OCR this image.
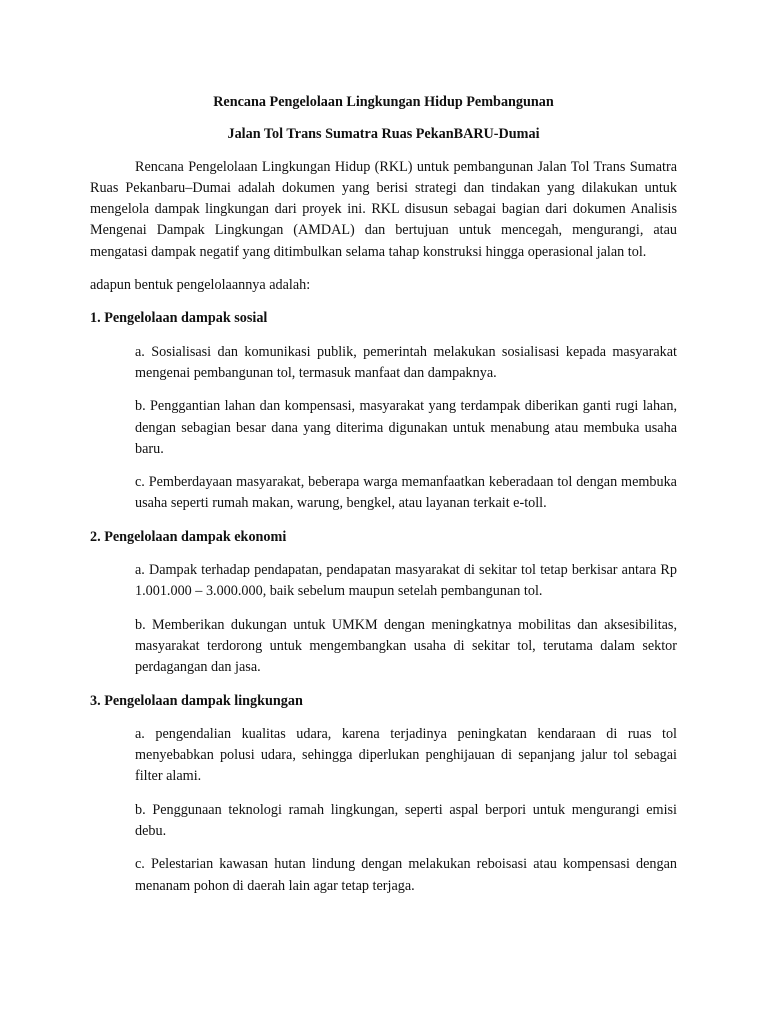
Rencana Pengelolaan Lingkungan Hidup Pembangunan

Jalan Tol Trans Sumatra Ruas PekanBARU-Dumai

Rencana Pengelolaan Lingkungan Hidup (RKL) untuk pembangunan Jalan Tol Trans Sumatra Ruas Pekanbaru–Dumai adalah dokumen yang berisi strategi dan tindakan yang dilakukan untuk mengelola dampak lingkungan dari proyek ini. RKL disusun sebagai bagian dari dokumen Analisis Mengenai Dampak Lingkungan (AMDAL) dan bertujuan untuk mencegah, mengurangi, atau mengatasi dampak negatif yang ditimbulkan selama tahap konstruksi hingga operasional jalan tol.

adapun bentuk pengelolaannya adalah:

1. Pengelolaan dampak sosial

a. Sosialisasi dan komunikasi publik, pemerintah melakukan sosialisasi kepada masyarakat mengenai pembangunan tol, termasuk manfaat dan dampaknya.

b. Penggantian lahan dan kompensasi, masyarakat yang terdampak diberikan ganti rugi lahan, dengan sebagian besar dana yang diterima digunakan untuk menabung atau membuka usaha baru.

c. Pemberdayaan masyarakat, beberapa warga memanfaatkan keberadaan tol dengan membuka usaha seperti rumah makan, warung, bengkel, atau layanan terkait e-toll.

2. Pengelolaan dampak ekonomi

a. Dampak terhadap pendapatan, pendapatan masyarakat di sekitar tol tetap berkisar antara Rp 1.001.000 – 3.000.000, baik sebelum maupun setelah pembangunan tol.

b. Memberikan dukungan untuk UMKM dengan meningkatnya mobilitas dan aksesibilitas, masyarakat terdorong untuk mengembangkan usaha di sekitar tol, terutama dalam sektor perdagangan dan jasa.

3. Pengelolaan dampak lingkungan

a. pengendalian kualitas udara, karena terjadinya peningkatan kendaraan di ruas tol menyebabkan polusi udara, sehingga diperlukan penghijauan di sepanjang jalur tol sebagai filter alami.

b. Penggunaan teknologi ramah lingkungan, seperti aspal berpori untuk mengurangi emisi debu.

c. Pelestarian kawasan hutan lindung dengan melakukan reboisasi atau kompensasi dengan menanam pohon di daerah lain agar tetap terjaga.
